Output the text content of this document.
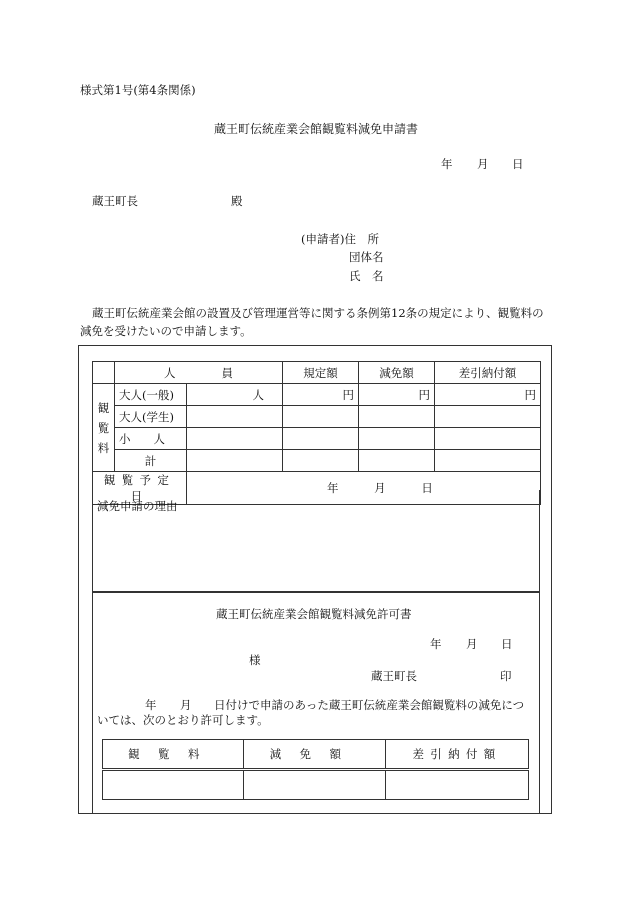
様式第1号(第4条関係)
蔵王町伝統産業会館観覧料減免申請書
年 月 日
蔵王町長	殿
(申請者)住　所
団体名
氏　名
蔵王町伝統産業会館の設置及び管理運営等に関する条例第12条の規定により、観覧料の
減免を受けたいので申請します。
	人　　　　員		規定額	減免額	差引納付額

観
覧
料	大人(一般)	人	円	円	円
	大人(学生)				
	小　　人				
	計				
観覧予定日		年 月 日			
減免申請の理由
蔵王町伝統産業会館観覧料減免許可書
年 月 日
様
蔵王町長	印
年 月 日付けで申請のあった蔵王町伝統産業会館観覧料の減免につ
いては、次のとおり許可します。
観覧料	減免額	差引納付額
